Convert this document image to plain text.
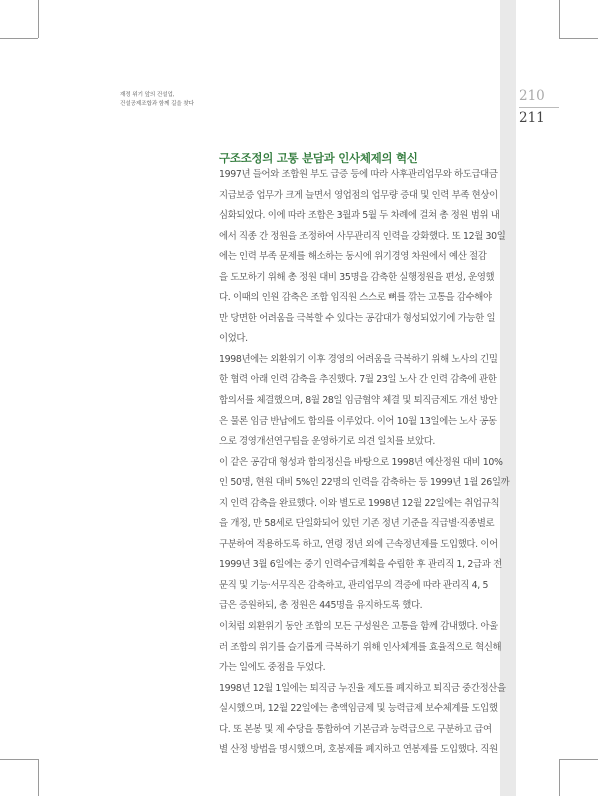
재정 위기 앞의 건설업,
건설공제조합과 함께 길을 찾다	210
211
구조조정의 고통 분담과 인사체제의 혁신
1997년 들어와 조합원 부도 급증 등에 따라 사후관리업무와 하도급대금
지급보증 업무가 크게 늘면서 영업점의 업무량 증대 및 인력 부족 현상이
심화되었다. 이에 따라 조합은 3월과 5월 두 차례에 걸쳐 총 정원 범위 내
에서 직종 간 정원을 조정하여 사무관리직 인력을 강화했다. 또 12월 30일
에는 인력 부족 문제를 해소하는 동시에 위기경영 차원에서 예산 절감
을 도모하기 위해 총 정원 대비 35명을 감축한 실행정원을 편성, 운영했
다. 이때의 인원 감축은 조합 임직원 스스로 뼈를 깎는 고통을 감수해야
만 당면한 어려움을 극복할 수 있다는 공감대가 형성되었기에 가능한 일
이었다.
1998년에는 외환위기 이후 경영의 어려움을 극복하기 위해 노사의 긴밀
한 협력 아래 인력 감축을 추진했다. 7월 23일 노사 간 인력 감축에 관한
합의서를 체결했으며, 8월 28일 임금협약 체결 및 퇴직금제도 개선 방안
은 물론 임금 반납에도 합의를 이루었다. 이어 10월 13일에는 노사 공동
으로 경영개선연구팀을 운영하기로 의견 일치를 보았다.
이 같은 공감대 형성과 합의정신을 바탕으로 1998년 예산정원 대비 10%
인 50명, 현원 대비 5%인 22명의 인력을 감축하는 등 1999년 1월 26일까
지 인력 감축을 완료했다. 이와 별도로 1998년 12월 22일에는 취업규칙
을 개정, 만 58세로 단일화되어 있던 기존 정년 기준을 직급별·직종별로
구분하여 적용하도록 하고, 연령 정년 외에 근속정년제를 도입했다. 이어
1999년 3월 6일에는 중기 인력수급계획을 수립한 후 관리직 1, 2급과 전
문직 및 기능·서무직은 감축하고, 관리업무의 격증에 따라 관리직 4, 5
급은 증원하되, 총 정원은 445명을 유지하도록 했다.
이처럼 외환위기 동안 조합의 모든 구성원은 고통을 함께 감내했다. 아울
러 조합의 위기를 슬기롭게 극복하기 위해 인사체계를 효율적으로 혁신해
가는 일에도 중점을 두었다.
1998년 12월 1일에는 퇴직금 누진율 제도를 폐지하고 퇴직금 중간정산을
실시했으며, 12월 22일에는 총액임금제 및 능력급제 보수체계를 도입했
다. 또 본봉 및 제 수당을 통합하여 기본급과 능력급으로 구분하고 급여
별 산정 방법을 명시했으며, 호봉제를 폐지하고 연봉제를 도입했다. 직원
